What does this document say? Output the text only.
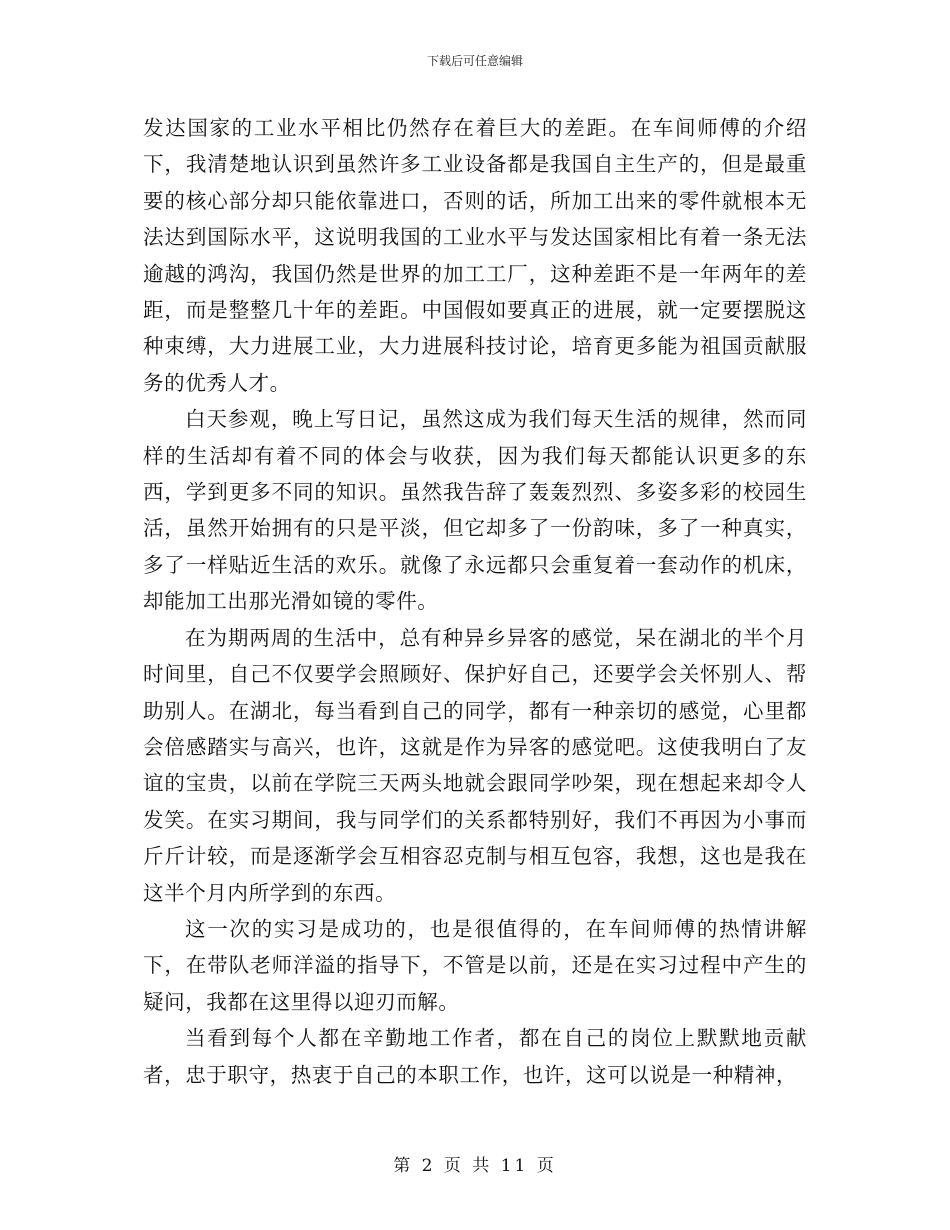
下载后可任意编辑

发达国家的工业水平相比仍然存在着巨大的差距。在车间师傅的介绍下，我清楚地认识到虽然许多工业设备都是我国自主生产的，但是最重要的核心部分却只能依靠进口，否则的话，所加工出来的零件就根本无法达到国际水平，这说明我国的工业水平与发达国家相比有着一条无法逾越的鸿沟，我国仍然是世界的加工工厂，这种差距不是一年两年的差距，而是整整几十年的差距。中国假如要真正的进展，就一定要摆脱这种束缚，大力进展工业，大力进展科技讨论，培育更多能为祖国贡献服务的优秀人才。

白天参观，晚上写日记，虽然这成为我们每天生活的规律，然而同样的生活却有着不同的体会与收获，因为我们每天都能认识更多的东西，学到更多不同的知识。虽然我告辞了轰轰烈烈、多姿多彩的校园生活，虽然开始拥有的只是平淡，但它却多了一份韵味，多了一种真实，多了一样贴近生活的欢乐。就像了永远都只会重复着一套动作的机床，却能加工出那光滑如镜的零件。

在为期两周的生活中，总有种异乡异客的感觉，呆在湖北的半个月时间里，自己不仅要学会照顾好、保护好自己，还要学会关怀别人、帮助别人。在湖北，每当看到自己的同学，都有一种亲切的感觉，心里都会倍感踏实与高兴，也许，这就是作为异客的感觉吧。这使我明白了友谊的宝贵，以前在学院三天两头地就会跟同学吵架，现在想起来却令人发笑。在实习期间，我与同学们的关系都特别好，我们不再因为小事而斤斤计较，而是逐渐学会互相容忍克制与相互包容，我想，这也是我在这半个月内所学到的东西。

这一次的实习是成功的，也是很值得的，在车间师傅的热情讲解下，在带队老师洋溢的指导下，不管是以前，还是在实习过程中产生的疑问，我都在这里得以迎刃而解。

当看到每个人都在辛勤地工作者，都在自己的岗位上默默地贡献者，忠于职守，热衷于自己的本职工作，也许，这可以说是一种精神，

第 2 页 共 11 页
